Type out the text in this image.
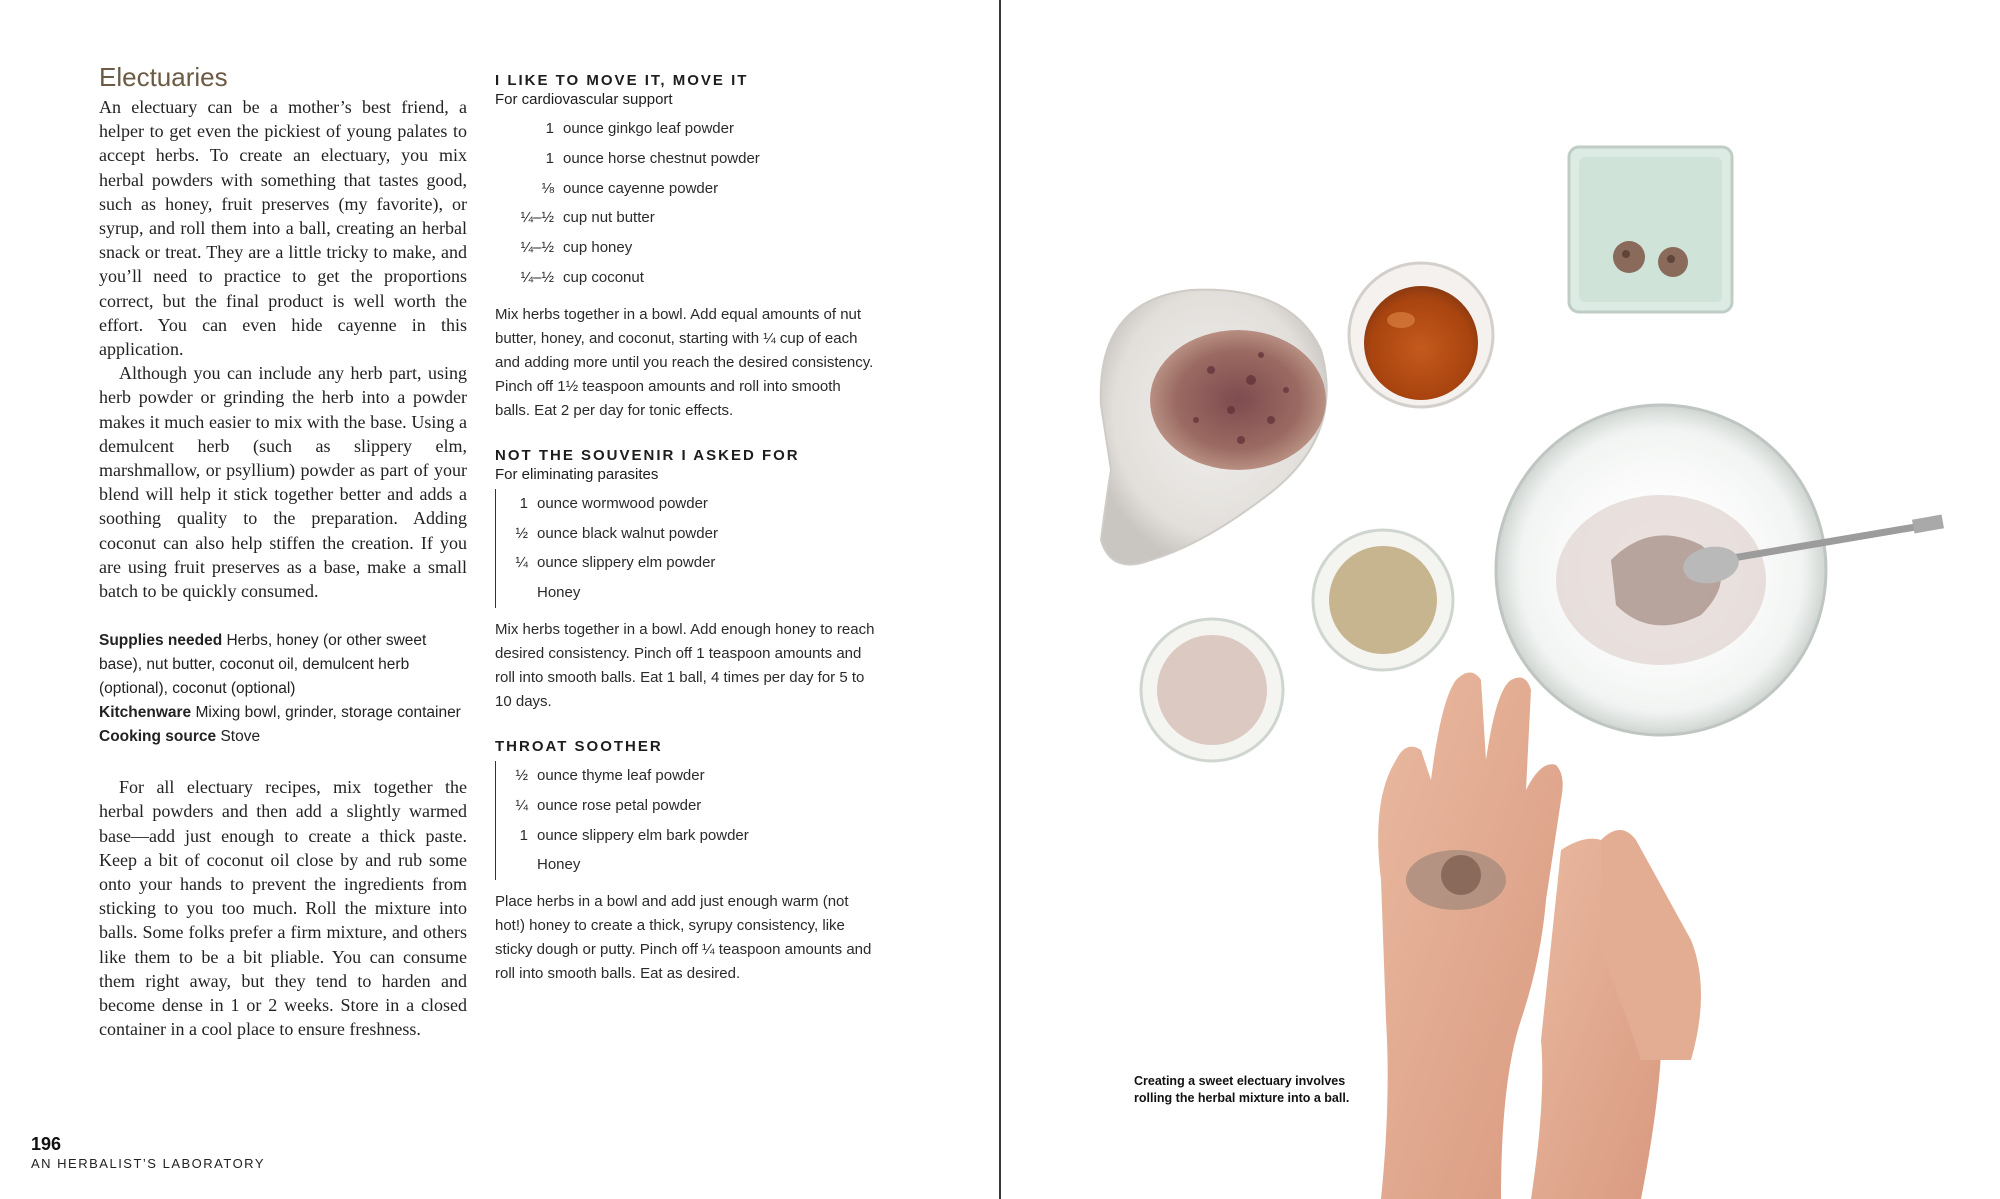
Electuaries

An electuary can be a mother’s best friend, a helper to get even the pickiest of young palates to accept herbs. To create an electuary, you mix herbal powders with something that tastes good, such as honey, fruit preserves (my favorite), or syrup, and roll them into a ball, creating an herbal snack or treat. They are a little tricky to make, and you’ll need to practice to get the proportions correct, but the final product is well worth the effort. You can even hide cayenne in this application.

Although you can include any herb part, using herb powder or grinding the herb into a powder makes it much easier to mix with the base. Using a demulcent herb (such as slippery elm, marshmallow, or psyllium) powder as part of your blend will help it stick together better and adds a soothing quality to the preparation. Adding coconut can also help stiffen the creation. If you are using fruit preserves as a base, make a small batch to be quickly consumed.

Supplies needed Herbs, honey (or other sweet base), nut butter, coconut oil, demulcent herb (optional), coconut (optional)
Kitchenware Mixing bowl, grinder, storage container
Cooking source Stove

For all electuary recipes, mix together the herbal powders and then add a slightly warmed base—add just enough to create a thick paste. Keep a bit of coconut oil close by and rub some onto your hands to prevent the ingredients from sticking to you too much. Roll the mixture into balls. Some folks prefer a firm mixture, and others like them to be a bit pliable. You can consume them right away, but they tend to harden and become dense in 1 or 2 weeks. Store in a closed container in a cool place to ensure freshness.

I LIKE TO MOVE IT, MOVE IT
For cardiovascular support
1 ounce ginkgo leaf powder
1 ounce horse chestnut powder
⅛ ounce cayenne powder
¼–½ cup nut butter
¼–½ cup honey
¼–½ cup coconut

Mix herbs together in a bowl. Add equal amounts of nut butter, honey, and coconut, starting with ¼ cup of each and adding more until you reach the desired consistency. Pinch off 1½ teaspoon amounts and roll into smooth balls. Eat 2 per day for tonic effects.

NOT THE SOUVENIR I ASKED FOR
For eliminating parasites
1 ounce wormwood powder
½ ounce black walnut powder
¼ ounce slippery elm powder
Honey

Mix herbs together in a bowl. Add enough honey to reach desired consistency. Pinch off 1 teaspoon amounts and roll into smooth balls. Eat 1 ball, 4 times per day for 5 to 10 days.

THROAT SOOTHER
½ ounce thyme leaf powder
¼ ounce rose petal powder
1 ounce slippery elm bark powder
Honey

Place herbs in a bowl and add just enough warm (not hot!) honey to create a thick, syrupy consistency, like sticky dough or putty. Pinch off ¼ teaspoon amounts and roll into smooth balls. Eat as desired.

196
AN HERBALIST’S LABORATORY
Creating a sweet electuary involves rolling the herbal mixture into a ball.
